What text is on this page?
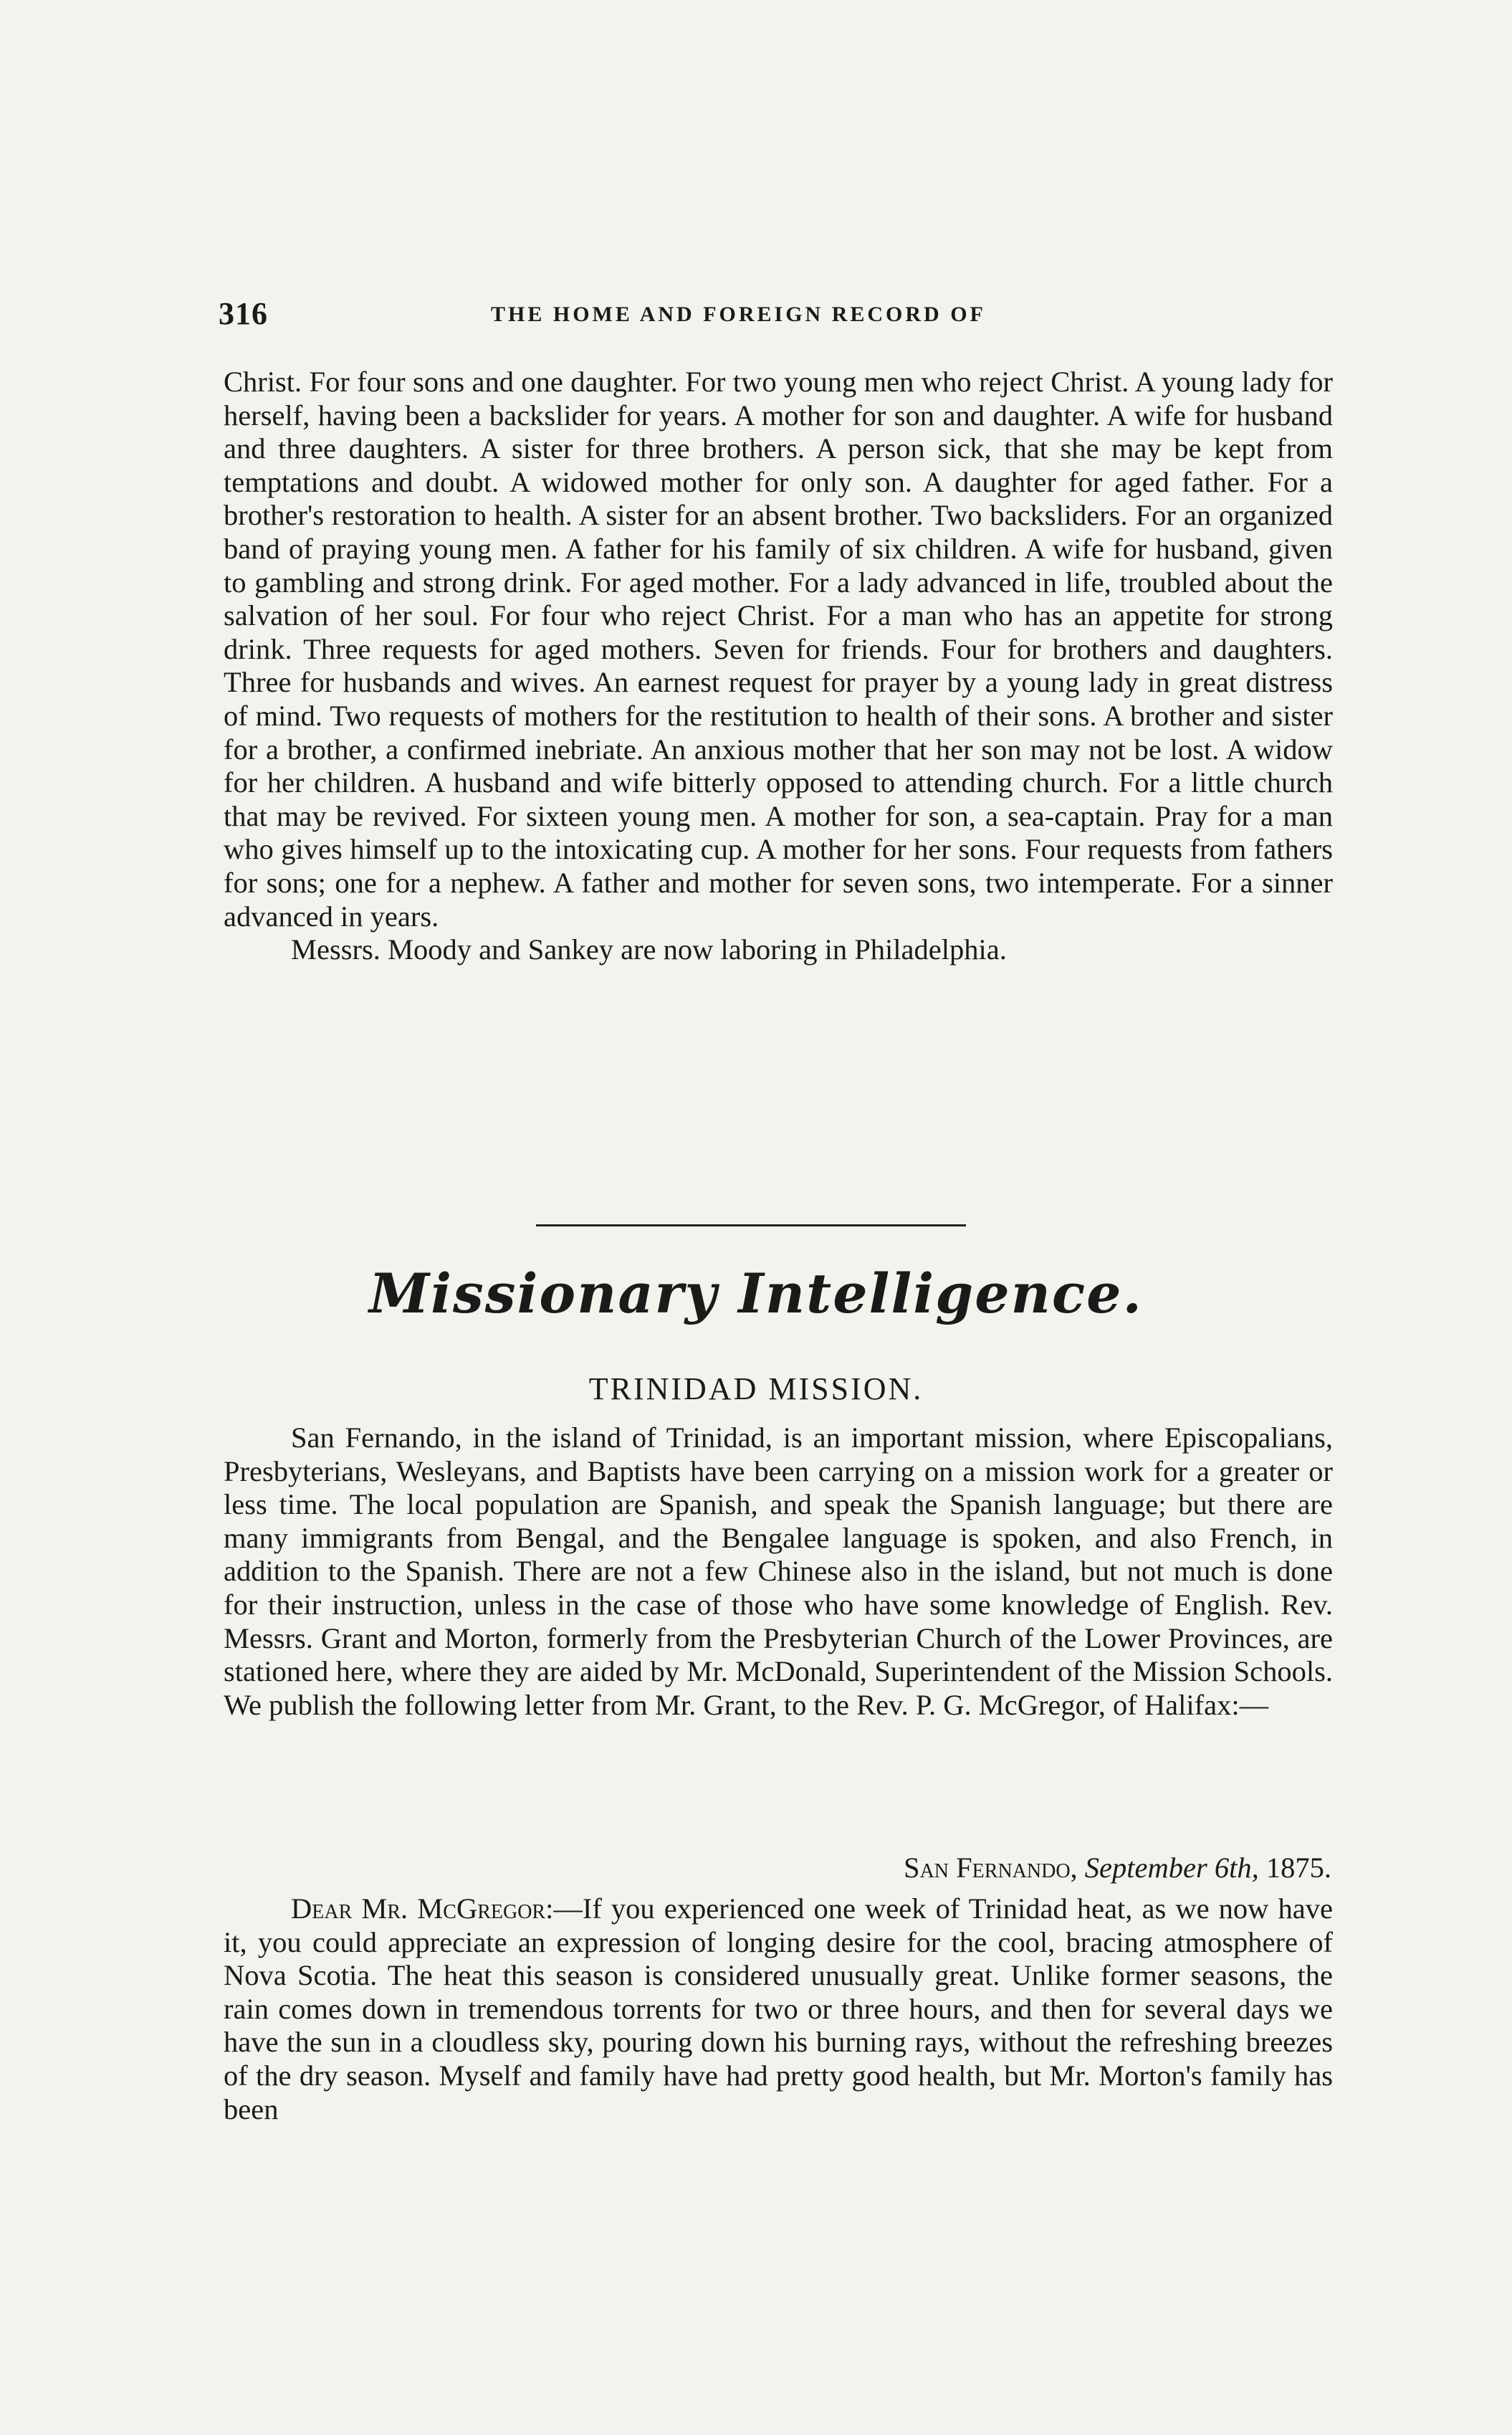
316	THE HOME AND FOREIGN RECORD OF

Christ. For four sons and one daughter. For two young men who reject Christ. A young lady for herself, having been a backslider for years. A mother for son and daughter. A wife for husband and three daughters. A sister for three brothers. A person sick, that she may be kept from temptations and doubt. A widowed mother for only son. A daughter for aged father. For a brother's restoration to health. A sister for an absent brother. Two backsliders. For an organized band of praying young men. A father for his family of six children. A wife for husband, given to gambling and strong drink. For aged mother. For a lady advanced in life, troubled about the salvation of her soul. For four who reject Christ. For a man who has an appetite for strong drink. Three requests for aged mothers. Seven for friends. Four for brothers and daughters. Three for husbands and wives. An earnest request for prayer by a young lady in great distress of mind. Two requests of mothers for the restitution to health of their sons. A brother and sister for a brother, a confirmed inebriate. An anxious mother that her son may not be lost. A widow for her children. A husband and wife bitterly opposed to attending church. For a little church that may be revived. For sixteen young men. A mother for son, a sea-captain. Pray for a man who gives himself up to the intoxicating cup. A mother for her sons. Four requests from fathers for sons; one for a nephew. A father and mother for seven sons, two intemperate. For a sinner advanced in years.

Messrs. Moody and Sankey are now laboring in Philadelphia.

Missionary Intelligence.
TRINIDAD MISSION.

San Fernando, in the island of Trinidad, is an important mission, where Episcopalians, Presbyterians, Wesleyans, and Baptists have been carrying on a mission work for a greater or less time. The local population are Spanish, and speak the Spanish language; but there are many immigrants from Bengal, and the Bengalee language is spoken, and also French, in addition to the Spanish. There are not a few Chinese also in the island, but not much is done for their instruction, unless in the case of those who have some knowledge of English. Rev. Messrs. Grant and Morton, formerly from the Presbyterian Church of the Lower Provinces, are stationed here, where they are aided by Mr. McDonald, Superintendent of the Mission Schools. We publish the following letter from Mr. Grant, to the Rev. P. G. McGregor, of Halifax:—

San Fernando, September 6th, 1875.

Dear Mr. McGregor:—If you experienced one week of Trinidad heat, as we now have it, you could appreciate an expression of longing desire for the cool, bracing atmosphere of Nova Scotia. The heat this season is considered unusually great. Unlike former seasons, the rain comes down in tremendous torrents for two or three hours, and then for several days we have the sun in a cloudless sky, pouring down his burning rays, without the refreshing breezes of the dry season. Myself and family have had pretty good health, but Mr. Morton's family has been
